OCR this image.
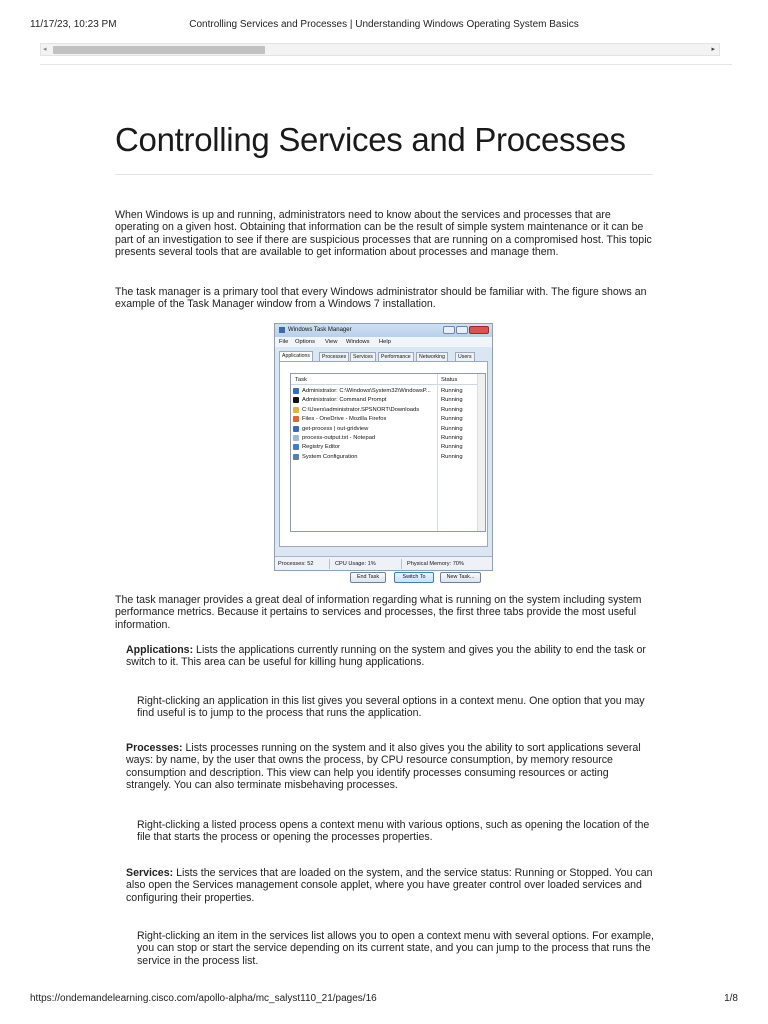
11/17/23, 10:23 PM	Controlling Services and Processes | Understanding Windows Operating System Basics
◂	▸
Controlling Services and Processes

When Windows is up and running, administrators need to know about the services and processes that are operating on a given host. Obtaining that information can be the result of simple system maintenance or it can be part of an investigation to see if there are suspicious processes that are running on a compromised host. This topic presents several tools that are available to get information about processes and manage them.

The task manager is a primary tool that every Windows administrator should be familiar with. The figure shows an example of the Task Manager window from a Windows 7 installation.

Windows Task Manager
File Options View Windows Help
Applications	Processes	Services	Performance	Networking	Users
Task	Status
Administrator: C:\Windows\System32\WindowsP...	Running
Administrator: Command Prompt	Running
C:\Users\administrator.SPSNORT\Downloads	Running
Files - OneDrive - Mozilla Firefox	Running
get-process | out-gridview	Running
process-output.txt - Notepad	Running
Registry Editor	Running
System Configuration	Running
End Task	Switch To	New Task...
Processes: 52	CPU Usage: 1%	Physical Memory: 70%

The task manager provides a great deal of information regarding what is running on the system including system performance metrics. Because it pertains to services and processes, the first three tabs provide the most useful information.

Applications: Lists the applications currently running on the system and gives you the ability to end the task or switch to it. This area can be useful for killing hung applications.

Right-clicking an application in this list gives you several options in a context menu. One option that you may find useful is to jump to the process that runs the application.

Processes: Lists processes running on the system and it also gives you the ability to sort applications several ways: by name, by the user that owns the process, by CPU resource consumption, by memory resource consumption and description. This view can help you identify processes consuming resources or acting strangely. You can also terminate misbehaving processes.

Right-clicking a listed process opens a context menu with various options, such as opening the location of the file that starts the process or opening the processes properties.

Services: Lists the services that are loaded on the system, and the service status: Running or Stopped. You can also open the Services management console applet, where you have greater control over loaded services and configuring their properties.

Right-clicking an item in the services list allows you to open a context menu with several options. For example, you can stop or start the service depending on its current state, and you can jump to the process that runs the service in the process list.

https://ondemandelearning.cisco.com/apollo-alpha/mc_salyst110_21/pages/16	1/8
